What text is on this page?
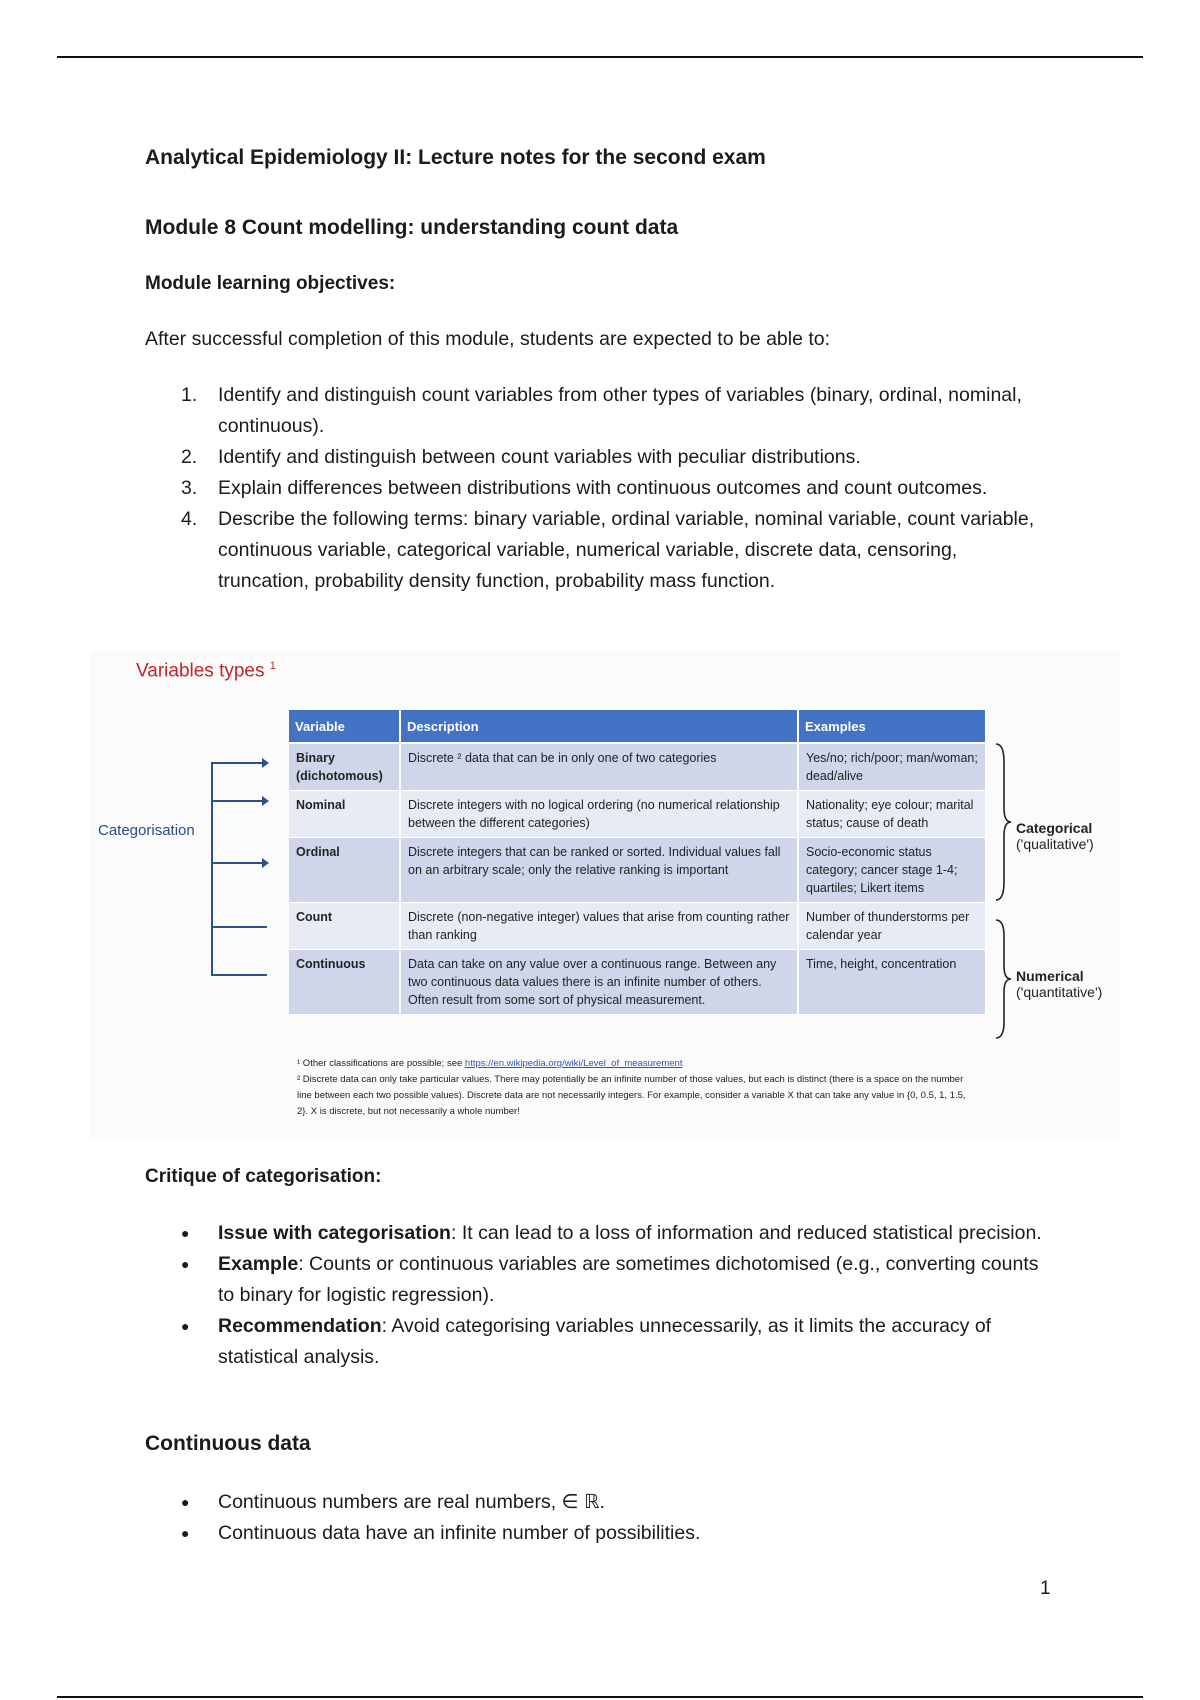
Analytical Epidemiology II: Lecture notes for the second exam
Module 8 Count modelling: understanding count data
Module learning objectives:
After successful completion of this module, students are expected to be able to:
1. Identify and distinguish count variables from other types of variables (binary, ordinal, nominal, continuous).
2. Identify and distinguish between count variables with peculiar distributions.
3. Explain differences between distributions with continuous outcomes and count outcomes.
4. Describe the following terms: binary variable, ordinal variable, nominal variable, count variable, continuous variable, categorical variable, numerical variable, discrete data, censoring, truncation, probability density function, probability mass function.
Variables types $^1$
Categorisation
Variable	Description	Examples
Binary (dichotomous)	Discrete ² data that can be in only one of two categories	Yes/no; rich/poor; man/woman; dead/alive
Nominal	Discrete integers with no logical ordering (no numerical relationship between the different categories)	Nationality; eye colour; marital status; cause of death
Ordinal	Discrete integers that can be ranked or sorted. Individual values fall on an arbitrary scale; only the relative ranking is important	Socio-economic status category; cancer stage 1-4; quartiles; Likert items
Count	Discrete (non-negative integer) values that arise from counting rather than ranking	Number of thunderstorms per calendar year
Continuous	Data can take on any value over a continuous range. Between any two continuous data values there is an infinite number of others. Often result from some sort of physical measurement.	Time, height, concentration
Categorical
('qualitative')
Numerical
('quantitative')
¹ Other classifications are possible; see https://en.wikipedia.org/wiki/Level_of_measurement
² Discrete data can only take particular values. There may potentially be an infinite number of those values, but each is distinct (there is a space on the number line between each two possible values). Discrete data are not necessarily integers. For example, consider a variable X that can take any value in {0, 0.5, 1, 1.5, 2}. X is discrete, but not necessarily a whole number!
Critique of categorisation:
● Issue with categorisation: It can lead to a loss of information and reduced statistical precision.
● Example: Counts or continuous variables are sometimes dichotomised (e.g., converting counts to binary for logistic regression).
● Recommendation: Avoid categorising variables unnecessarily, as it limits the accuracy of statistical analysis.
Continuous data
● Continuous numbers are real numbers, ∈ ℝ.
● Continuous data have an infinite number of possibilities.
1
